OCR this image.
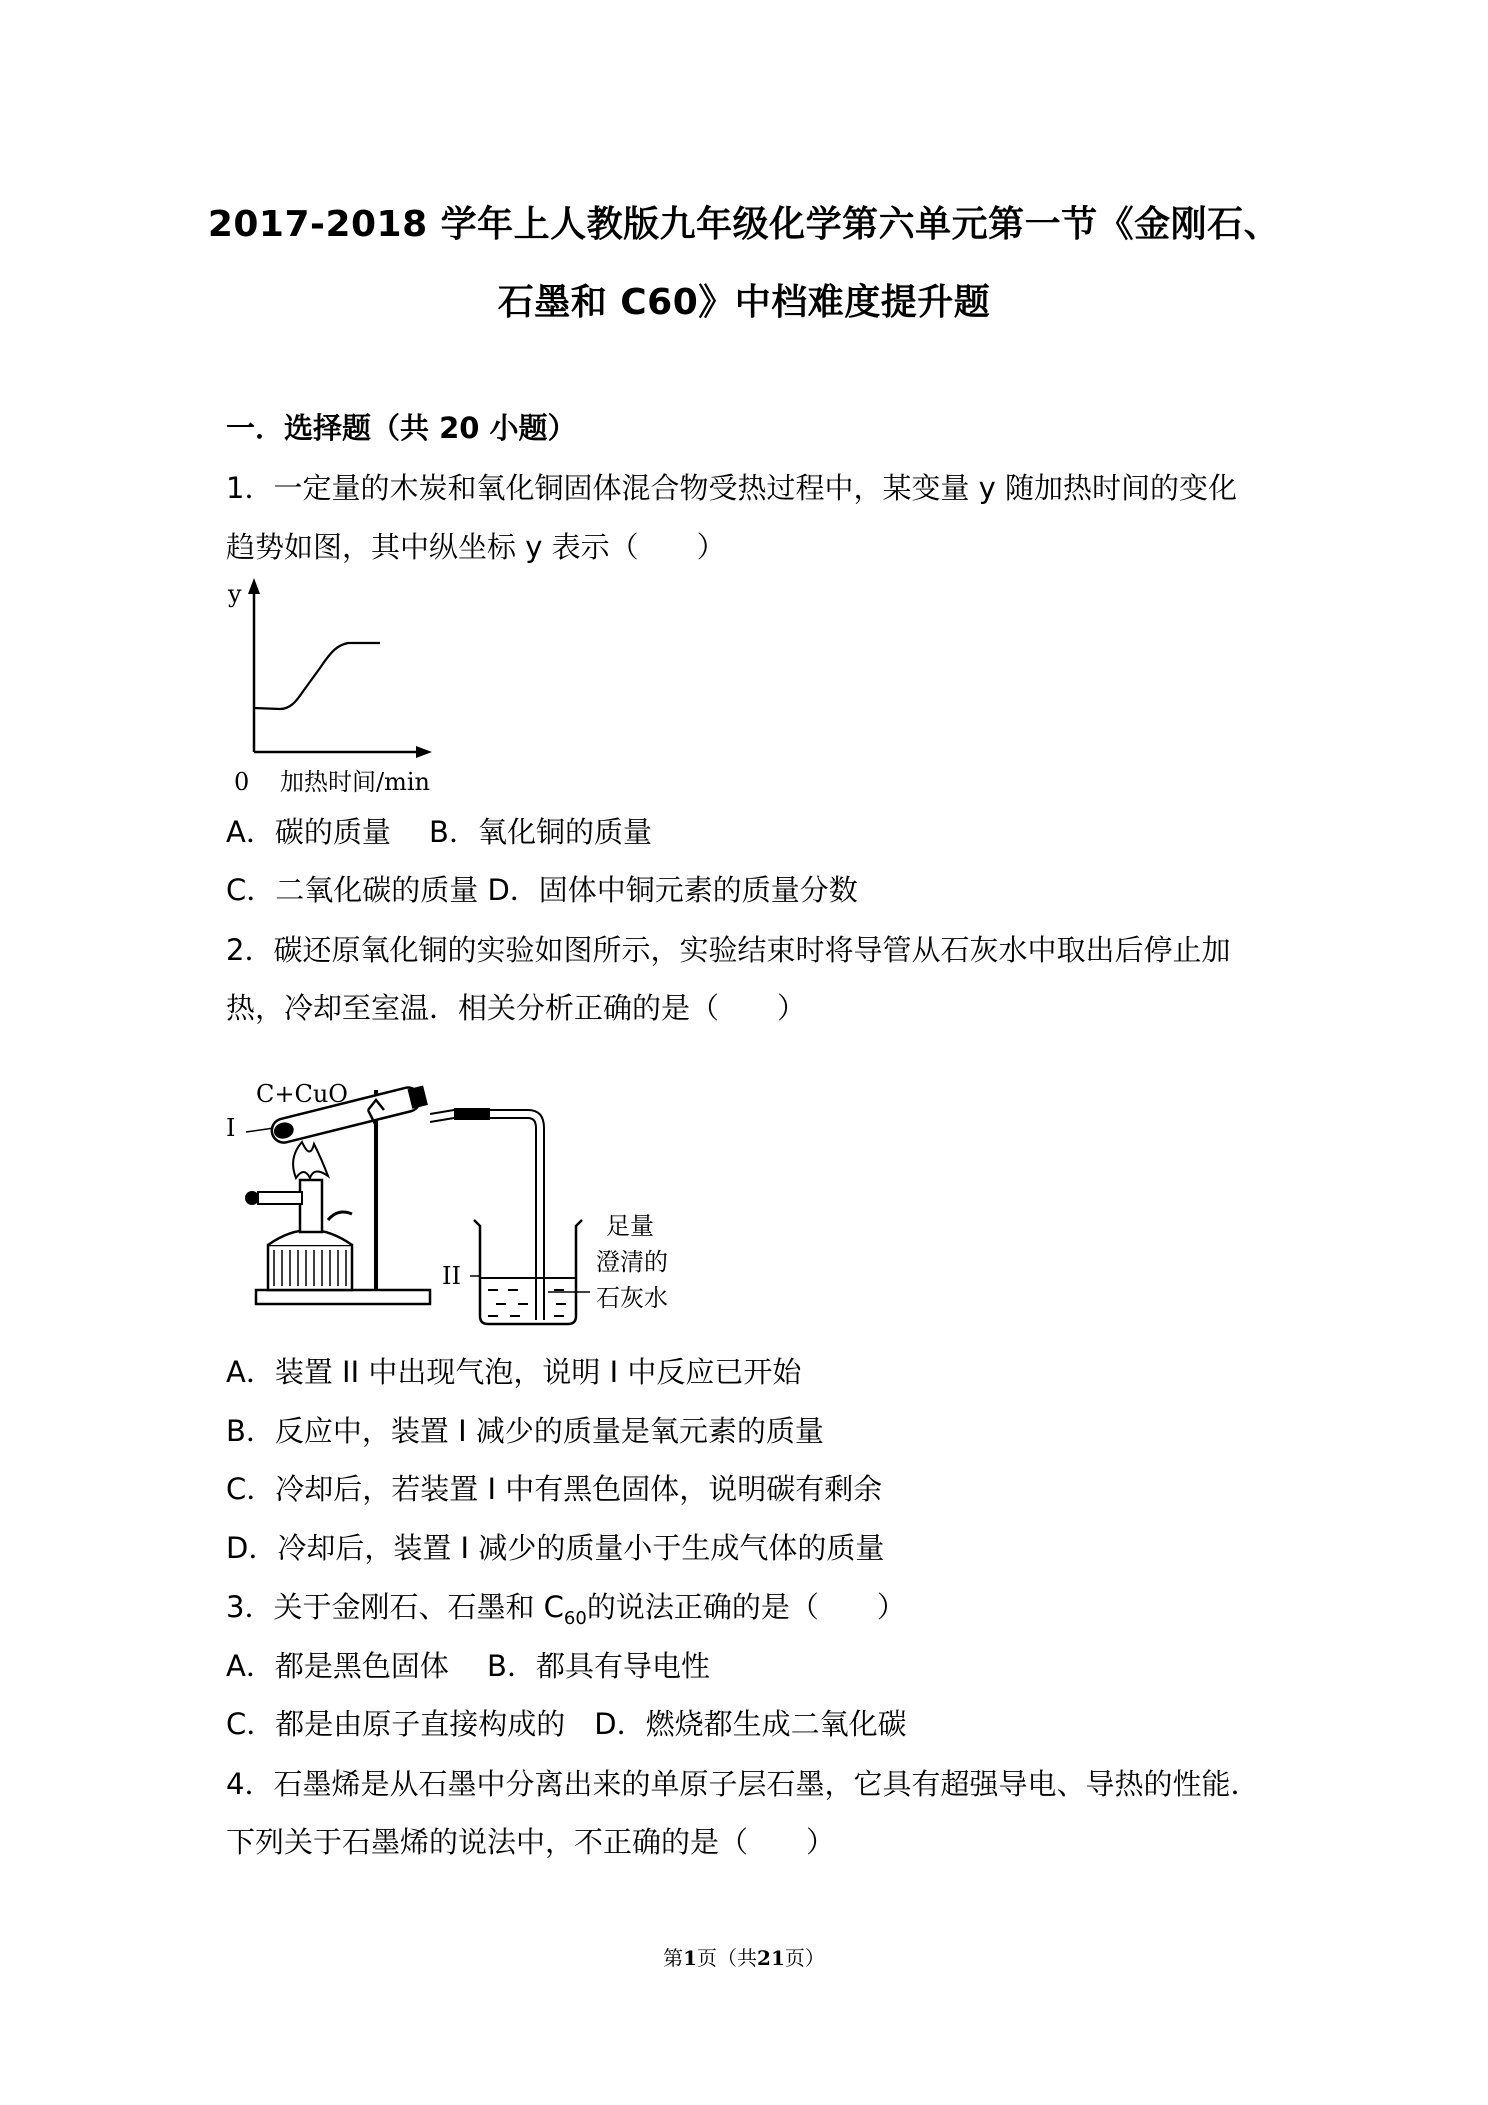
2017-2018 学年上人教版九年级化学第六单元第一节《金刚石、
石墨和 C60》中档难度提升题
一．选择题（共 20 小题）
1．一定量的木炭和氧化铜固体混合物受热过程中，某变量 y 随加热时间的变化
趋势如图，其中纵坐标 y 表示（　　）
y
0 加热时间/min
A．碳的质量　 B．氧化铜的质量
C．二氧化碳的质量 D．固体中铜元素的质量分数
2．碳还原氧化铜的实验如图所示，实验结束时将导管从石灰水中取出后停止加
热，冷却至室温．相关分析正确的是（　　）
C+CuO
I
II
足量
澄清的
石灰水
A．装置 II 中出现气泡，说明 I 中反应已开始
B．反应中，装置 I 减少的质量是氧元素的质量
C．冷却后，若装置 I 中有黑色固体，说明碳有剩余
D．冷却后，装置 I 减少的质量小于生成气体的质量
3．关于金刚石、石墨和 $C_{60}$的说法正确的是（　　）
A．都是黑色固体　 B．都具有导电性
C．都是由原子直接构成的　D．燃烧都生成二氧化碳
4．石墨烯是从石墨中分离出来的单原子层石墨，它具有超强导电、导热的性能．
下列关于石墨烯的说法中，不正确的是（　　）
第1页（共21页）
